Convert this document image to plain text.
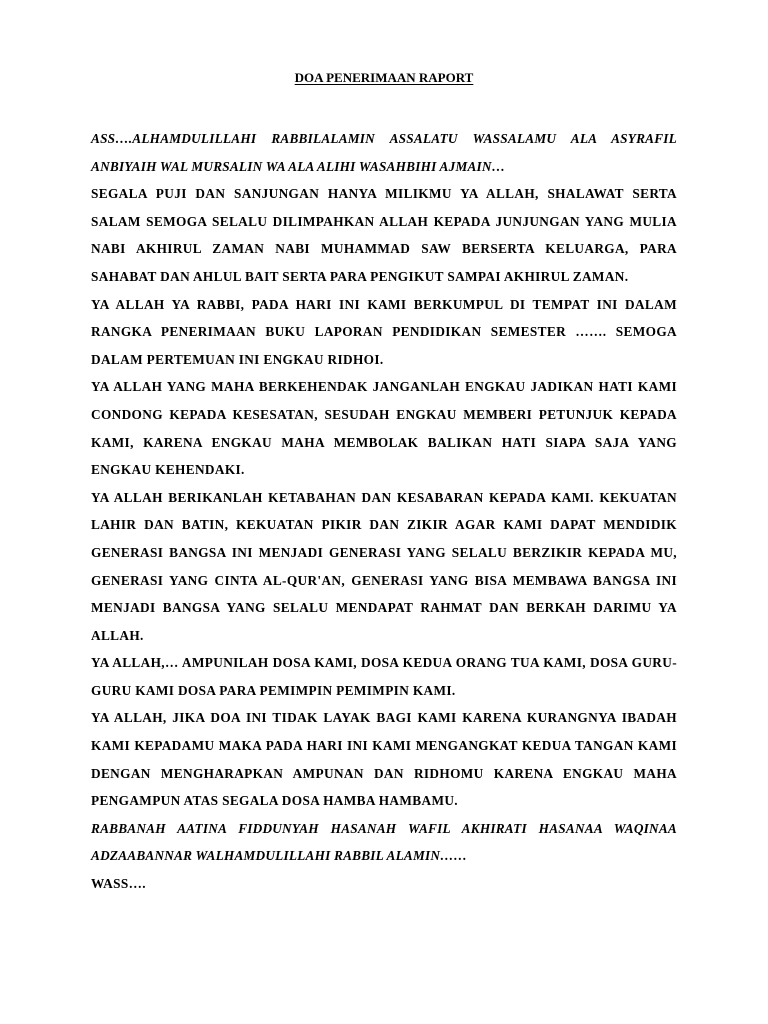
DOA PENERIMAAN RAPORT

ASS….ALHAMDULILLAHI RABBILALAMIN ASSALATU WASSALAMU ALA ASYRAFIL ANBIYAIH WAL MURSALIN WA ALA ALIHI WASAHBIHI AJMAIN…

SEGALA PUJI DAN SANJUNGAN HANYA MILIKMU YA ALLAH, SHALAWAT SERTA SALAM SEMOGA SELALU DILIMPAHKAN ALLAH KEPADA JUNJUNGAN YANG MULIA NABI AKHIRUL ZAMAN NABI MUHAMMAD SAW BERSERTA KELUARGA, PARA SAHABAT DAN AHLUL BAIT SERTA PARA PENGIKUT SAMPAI AKHIRUL ZAMAN.

YA ALLAH YA RABBI, PADA HARI INI KAMI BERKUMPUL DI TEMPAT INI DALAM RANGKA PENERIMAAN BUKU LAPORAN PENDIDIKAN SEMESTER ……. SEMOGA DALAM PERTEMUAN INI ENGKAU RIDHOI.

YA ALLAH YANG MAHA BERKEHENDAK JANGANLAH ENGKAU JADIKAN HATI KAMI CONDONG KEPADA KESESATAN, SESUDAH ENGKAU MEMBERI PETUNJUK KEPADA KAMI, KARENA ENGKAU MAHA MEMBOLAK BALIKAN HATI SIAPA SAJA YANG ENGKAU KEHENDAKI.

YA ALLAH BERIKANLAH KETABAHAN DAN KESABARAN KEPADA KAMI. KEKUATAN LAHIR DAN BATIN, KEKUATAN PIKIR DAN ZIKIR AGAR KAMI DAPAT MENDIDIK GENERASI BANGSA INI MENJADI GENERASI YANG SELALU BERZIKIR KEPADA MU, GENERASI YANG CINTA AL-QUR'AN, GENERASI YANG BISA MEMBAWA BANGSA INI MENJADI BANGSA YANG SELALU MENDAPAT RAHMAT DAN BERKAH DARIMU YA ALLAH.

YA ALLAH,… AMPUNILAH DOSA KAMI, DOSA KEDUA ORANG TUA KAMI, DOSA GURU-GURU KAMI DOSA PARA PEMIMPIN PEMIMPIN KAMI.

YA ALLAH, JIKA DOA INI TIDAK LAYAK BAGI KAMI KARENA KURANGNYA IBADAH KAMI KEPADAMU MAKA PADA HARI INI KAMI MENGANGKAT KEDUA TANGAN KAMI DENGAN MENGHARAPKAN AMPUNAN DAN RIDHOMU KARENA ENGKAU MAHA PENGAMPUN ATAS SEGALA DOSA HAMBA HAMBAMU.

RABBANAH AATINA FIDDUNYAH HASANAH WAFIL AKHIRATI HASANAA WAQINAA ADZAABANNAR WALHAMDULILLAHI RABBIL ALAMIN……

WASS….
